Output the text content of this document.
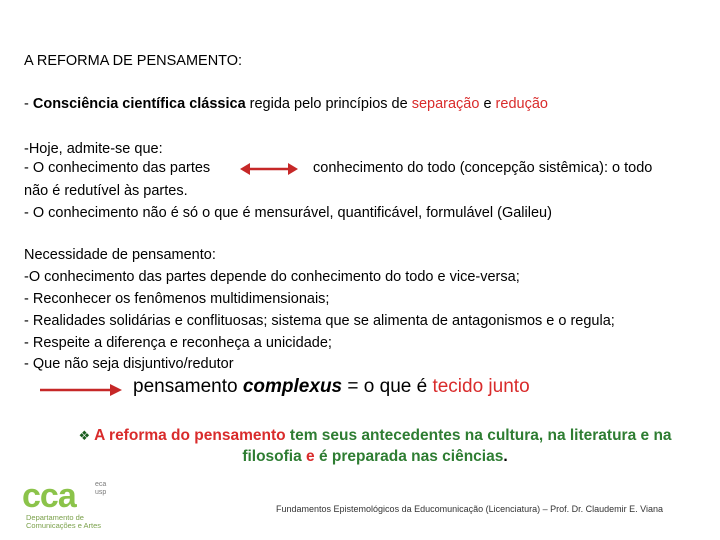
A REFORMA DE PENSAMENTO:
- Consciência científica clássica regida pelo princípios de separação e redução
-Hoje, admite-se que:
- O conhecimento das partes	conhecimento do todo (concepção sistêmica): o todo
não é redutível às partes.
- O conhecimento não é só o que é mensurável, quantificável, formulável (Galileu)
Necessidade de pensamento:
-O conhecimento das partes depende do conhecimento do todo e vice-versa;
- Reconhecer os fenômenos multidimensionais;
- Realidades solidárias e conflituosas; sistema que se alimenta de antagonismos e o regula;
- Respeite a diferença e reconheça a unicidade;
- Que não seja disjuntivo/redutor
pensamento complexus = o que é tecido junto
❖ A reforma do pensamento tem seus antecedentes na cultura, na literatura e na
filosofia e é preparada nas ciências.
cca	eca
usp
Departamento de
Comunicações e Artes
Fundamentos Epistemológicos da Educomunicação (Licenciatura) – Prof. Dr. Claudemir E. Viana
